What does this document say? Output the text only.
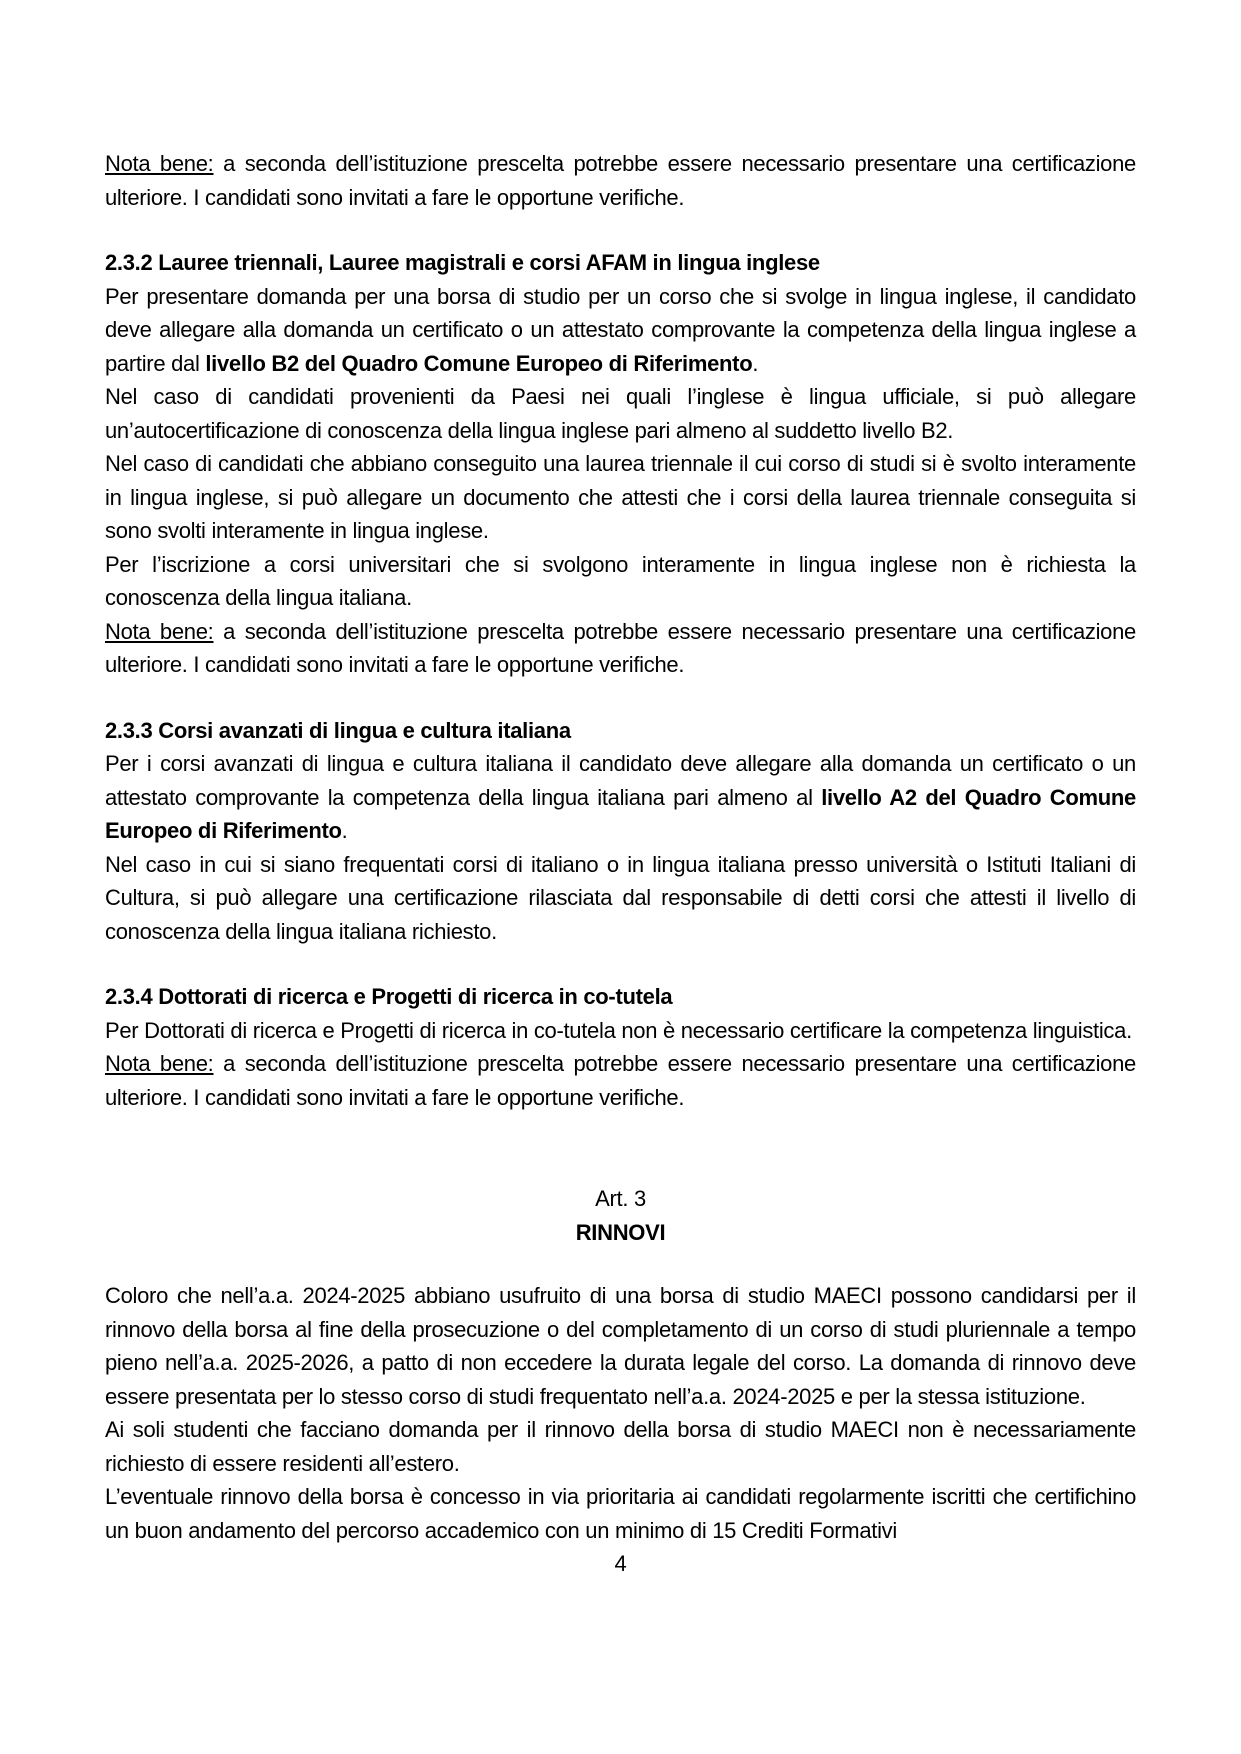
Nota bene: a seconda dell’istituzione prescelta potrebbe essere necessario presentare una certificazione ulteriore. I candidati sono invitati a fare le opportune verifiche.

2.3.2 Lauree triennali, Lauree magistrali e corsi AFAM in lingua inglese

Per presentare domanda per una borsa di studio per un corso che si svolge in lingua inglese, il candidato deve allegare alla domanda un certificato o un attestato comprovante la competenza della lingua inglese a partire dal livello B2 del Quadro Comune Europeo di Riferimento.

Nel caso di candidati provenienti da Paesi nei quali l’inglese è lingua ufficiale, si può allegare un’autocertificazione di conoscenza della lingua inglese pari almeno al suddetto livello B2.

Nel caso di candidati che abbiano conseguito una laurea triennale il cui corso di studi si è svolto interamente in lingua inglese, si può allegare un documento che attesti che i corsi della laurea triennale conseguita si sono svolti interamente in lingua inglese.

Per l’iscrizione a corsi universitari che si svolgono interamente in lingua inglese non è richiesta la conoscenza della lingua italiana.

Nota bene: a seconda dell’istituzione prescelta potrebbe essere necessario presentare una certificazione ulteriore. I candidati sono invitati a fare le opportune verifiche.

2.3.3 Corsi avanzati di lingua e cultura italiana

Per i corsi avanzati di lingua e cultura italiana il candidato deve allegare alla domanda un certificato o un attestato comprovante la competenza della lingua italiana pari almeno al livello A2 del Quadro Comune Europeo di Riferimento.

Nel caso in cui si siano frequentati corsi di italiano o in lingua italiana presso università o Istituti Italiani di Cultura, si può allegare una certificazione rilasciata dal responsabile di detti corsi che attesti il livello di conoscenza della lingua italiana richiesto.

2.3.4 Dottorati di ricerca e Progetti di ricerca in co-tutela

Per Dottorati di ricerca e Progetti di ricerca in co-tutela non è necessario certificare la competenza linguistica.

Nota bene: a seconda dell’istituzione prescelta potrebbe essere necessario presentare una certificazione ulteriore. I candidati sono invitati a fare le opportune verifiche.

Art. 3

RINNOVI

Coloro che nell’a.a. 2024-2025 abbiano usufruito di una borsa di studio MAECI possono candidarsi per il rinnovo della borsa al fine della prosecuzione o del completamento di un corso di studi pluriennale a tempo pieno nell’a.a. 2025-2026, a patto di non eccedere la durata legale del corso. La domanda di rinnovo deve essere presentata per lo stesso corso di studi frequentato nell’a.a. 2024-2025 e per la stessa istituzione.

Ai soli studenti che facciano domanda per il rinnovo della borsa di studio MAECI non è necessariamente richiesto di essere residenti all’estero.

L’eventuale rinnovo della borsa è concesso in via prioritaria ai candidati regolarmente iscritti che certifichino un buon andamento del percorso accademico con un minimo di 15 Crediti Formativi

4
